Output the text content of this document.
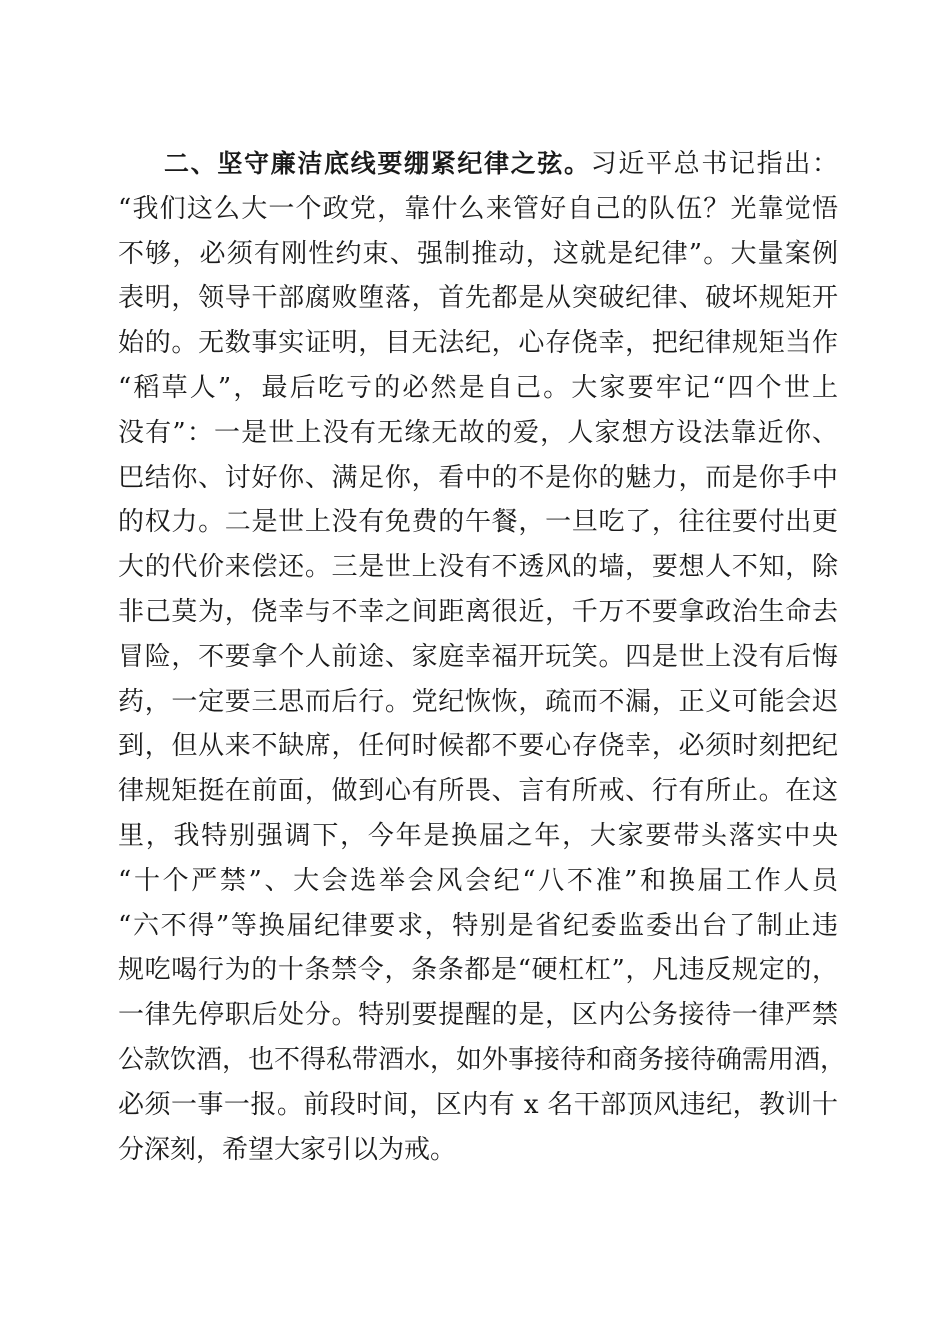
二、坚守廉洁底线要绷紧纪律之弦。习近平总书记指出：
“我们这么大一个政党，靠什么来管好自己的队伍？光靠觉悟
不够，必须有刚性约束、强制推动，这就是纪律”。大量案例
表明，领导干部腐败堕落，首先都是从突破纪律、破坏规矩开
始的。无数事实证明，目无法纪，心存侥幸，把纪律规矩当作
“稻草人”，最后吃亏的必然是自己。大家要牢记“四个世上
没有”：一是世上没有无缘无故的爱，人家想方设法靠近你、
巴结你、讨好你、满足你，看中的不是你的魅力，而是你手中
的权力。二是世上没有免费的午餐，一旦吃了，往往要付出更
大的代价来偿还。三是世上没有不透风的墙，要想人不知，除
非己莫为，侥幸与不幸之间距离很近，千万不要拿政治生命去
冒险，不要拿个人前途、家庭幸福开玩笑。四是世上没有后悔
药，一定要三思而后行。党纪恢恢，疏而不漏，正义可能会迟
到，但从来不缺席，任何时候都不要心存侥幸，必须时刻把纪
律规矩挺在前面，做到心有所畏、言有所戒、行有所止。在这
里，我特别强调下，今年是换届之年，大家要带头落实中央
“十个严禁”、大会选举会风会纪“八不准”和换届工作人员
“六不得”等换届纪律要求，特别是省纪委监委出台了制止违
规吃喝行为的十条禁令，条条都是“硬杠杠”，凡违反规定的，
一律先停职后处分。特别要提醒的是，区内公务接待一律严禁
公款饮酒，也不得私带酒水，如外事接待和商务接待确需用酒，
必须一事一报。前段时间，区内有 x 名干部顶风违纪，教训十
分深刻，希望大家引以为戒。
